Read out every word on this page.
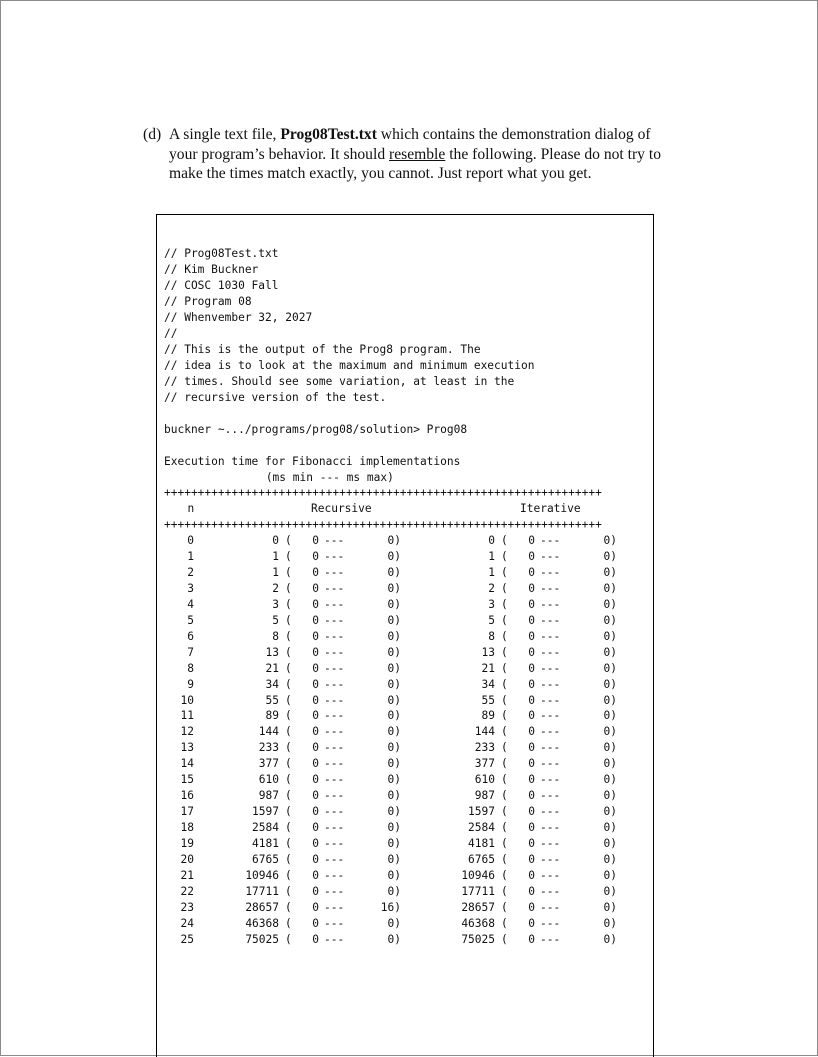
(d) A single text file, Prog08Test.txt which contains the demonstration dialog of
your program’s behavior. It should resemble the following. Please do not try to
make the times match exactly, you cannot. Just report what you get.
// Prog08Test.txt
// Kim Buckner
// COSC 1030 Fall
// Program 08
// Whenvember 32, 2027
//
// This is the output of the Prog8 program. The
// idea is to look at the maximum and minimum execution
// times. Should see some variation, at least in the
// recursive version of the test.
buckner ~.../programs/prog08/solution> Prog08
Execution time for Fibonacci implementations
(ms min --- ms max)
+++++++++++++++++++++++++++++++++++++++++++++++++++++++++++++++++
n	Recursive	Iterative
+++++++++++++++++++++++++++++++++++++++++++++++++++++++++++++++++
0	0 ( 0 ---	0)	0 ( 0 ---	0)
1	1 ( 0 ---	0)	1 ( 0 ---	0)
2	1 ( 0 ---	0)	1 ( 0 ---	0)
3	2 ( 0 ---	0)	2 ( 0 ---	0)
4	3 ( 0 ---	0)	3 ( 0 ---	0)
5	5 ( 0 ---	0)	5 ( 0 ---	0)
6	8 ( 0 ---	0)	8 ( 0 ---	0)
7	13 ( 0 ---	0)	13 ( 0 ---	0)
8	21 ( 0 ---	0)	21 ( 0 ---	0)
9	34 ( 0 ---	0)	34 ( 0 ---	0)
10	55 ( 0 ---	0)	55 ( 0 ---	0)
11	89 ( 0 ---	0)	89 ( 0 ---	0)
12	144 ( 0 ---	0)	144 ( 0 ---	0)
13	233 ( 0 ---	0)	233 ( 0 ---	0)
14	377 ( 0 ---	0)	377 ( 0 ---	0)
15	610 ( 0 ---	0)	610 ( 0 ---	0)
16	987 ( 0 ---	0)	987 ( 0 ---	0)
17	1597 ( 0 ---	0)	1597 ( 0 ---	0)
18	2584 ( 0 ---	0)	2584 ( 0 ---	0)
19	4181 ( 0 ---	0)	4181 ( 0 ---	0)
20	6765 ( 0 ---	0)	6765 ( 0 ---	0)
21	10946 ( 0 ---	0)	10946 ( 0 ---	0)
22	17711 ( 0 ---	0)	17711 ( 0 ---	0)
23	28657 ( 0 ---	16)	28657 ( 0 ---	0)
24	46368 ( 0 ---	0)	46368 ( 0 ---	0)
25	75025 ( 0 ---	0)	75025 ( 0 ---	0)
